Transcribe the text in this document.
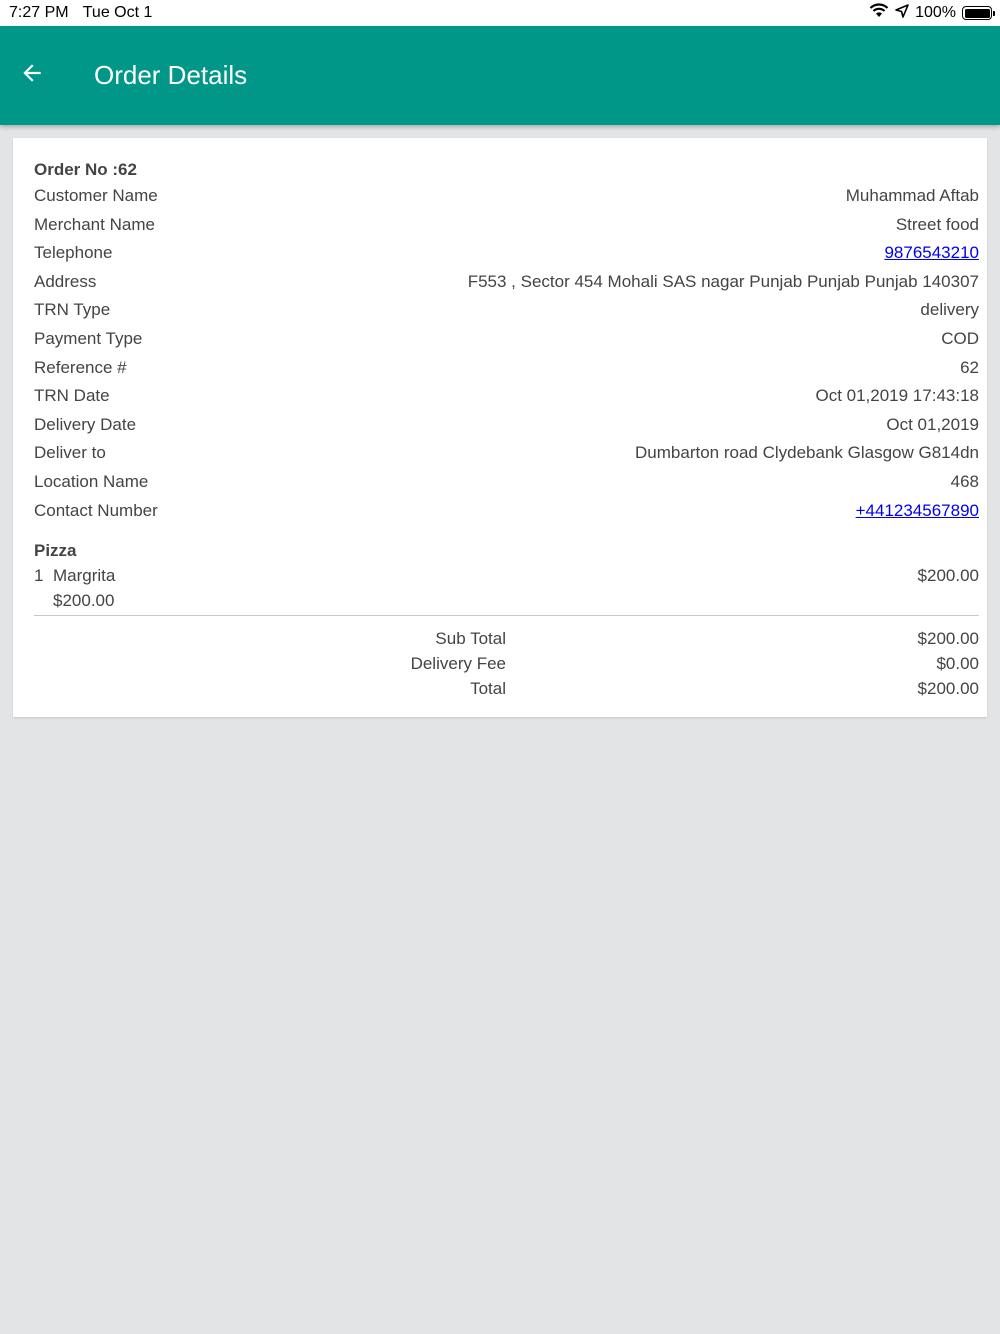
7:27 PM Tue Oct 1	100%
Order Details
Order No :62
Customer Name	Muhammad Aftab
Merchant Name	Street food
Telephone	9876543210
Address	F553 , Sector 454 Mohali SAS nagar Punjab Punjab Punjab 140307
TRN Type	delivery
Payment Type	COD
Reference #	62
TRN Date	Oct 01,2019 17:43:18
Delivery Date	Oct 01,2019
Deliver to	Dumbarton road Clydebank Glasgow G814dn
Location Name	468
Contact Number	+441234567890
Pizza
1 Margrita	$200.00
$200.00
Sub Total	$200.00
Delivery Fee	$0.00
Total	$200.00
